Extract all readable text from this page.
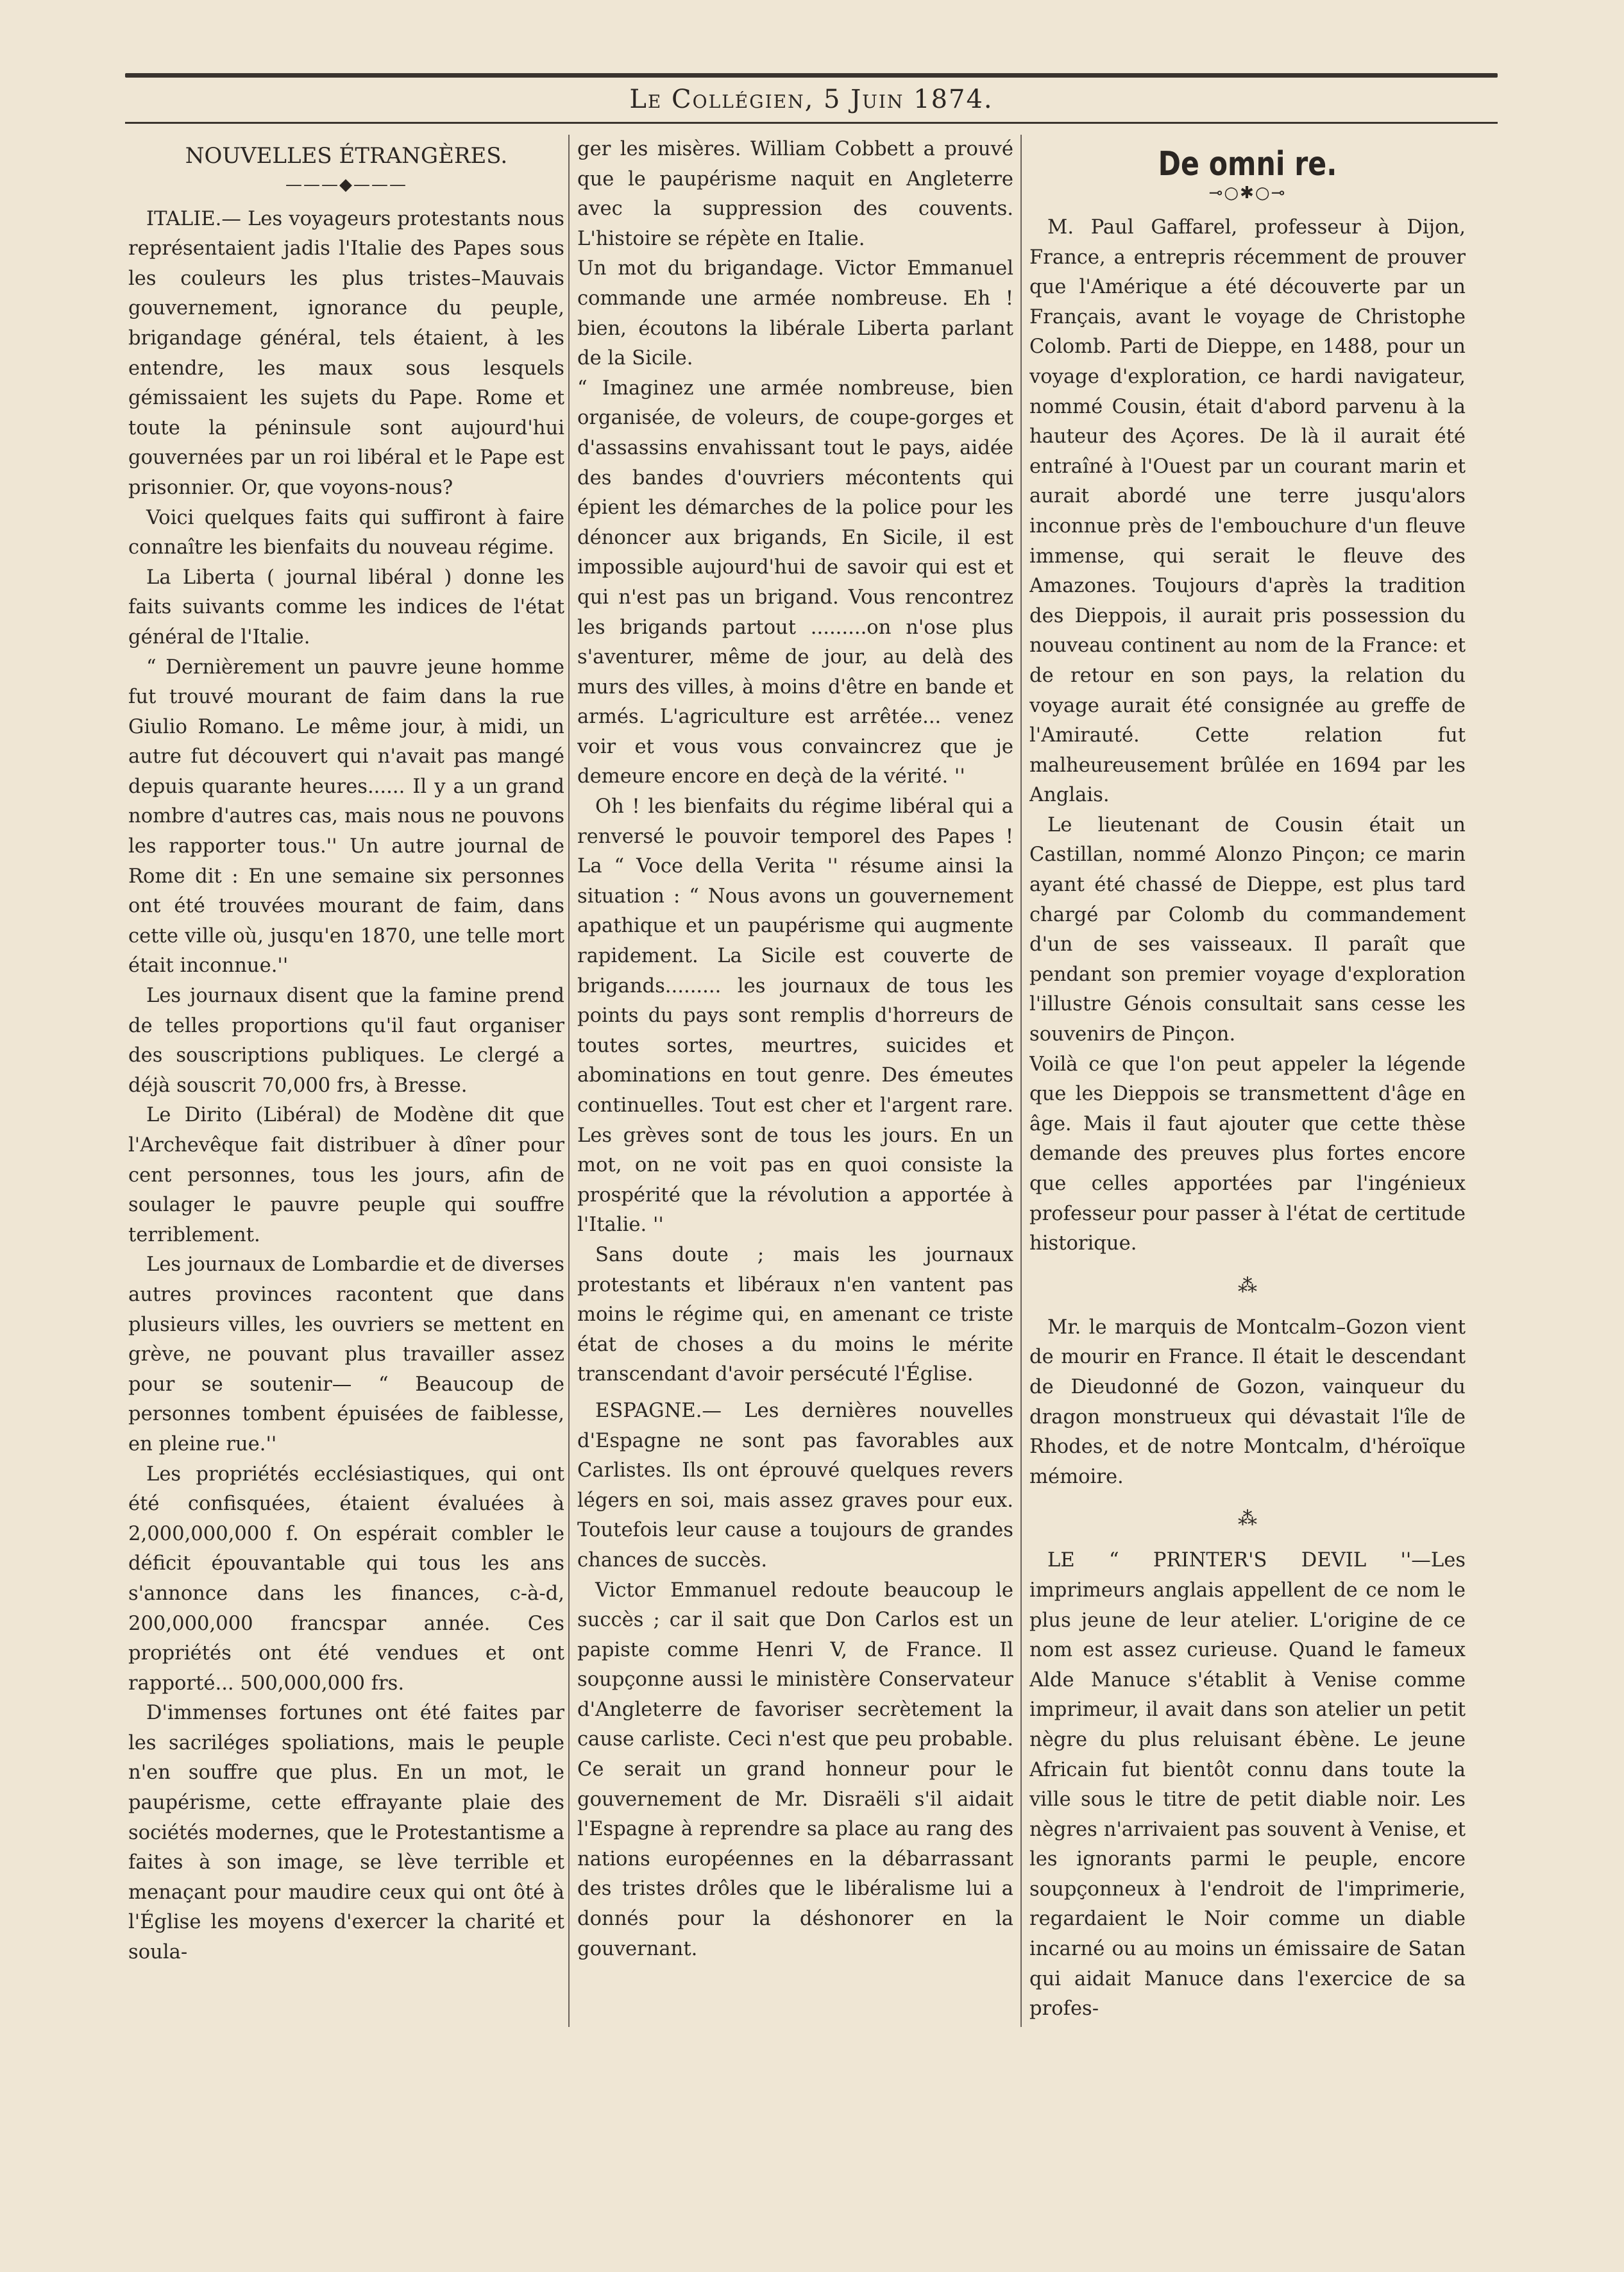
Le Collégien, 5 Juin 1874.
NOUVELLES ÉTRANGÈRES.
———◆———

ITALIE.— Les voyageurs protestants nous représentaient jadis l'Italie des Papes sous les couleurs les plus tristes–Mauvais gouvernement, ignorance du peuple, brigandage général, tels étaient, à les entendre, les maux sous lesquels gémissaient les sujets du Pape. Rome et toute la péninsule sont aujourd'hui gouvernées par un roi libéral et le Pape est prisonnier. Or, que voyons-nous?

Voici quelques faits qui suffiront à faire connaître les bienfaits du nouveau régime.

La Liberta ( journal libéral ) donne les faits suivants comme les indices de l'état général de l'Italie.

“ Dernièrement un pauvre jeune homme fut trouvé mourant de faim dans la rue Giulio Romano. Le même jour, à midi, un autre fut découvert qui n'avait pas mangé depuis quarante heures...... Il y a un grand nombre d'autres cas, mais nous ne pouvons les rapporter tous.'' Un autre journal de Rome dit : En une semaine six personnes ont été trouvées mourant de faim, dans cette ville où, jusqu'en 1870, une telle mort était inconnue.''

Les journaux disent que la famine prend de telles proportions qu'il faut organiser des souscriptions publiques. Le clergé a déjà souscrit 70,000 frs, à Bresse.

Le Dirito (Libéral) de Modène dit que l'Archevêque fait distribuer à dîner pour cent personnes, tous les jours, afin de soulager le pauvre peuple qui souffre terriblement.

Les journaux de Lombardie et de diverses autres provinces racontent que dans plusieurs villes, les ouvriers se mettent en grève, ne pouvant plus travailler assez pour se soutenir— “ Beaucoup de personnes tombent épuisées de faiblesse, en pleine rue.''

Les propriétés ecclésiastiques, qui ont été confisquées, étaient évaluées à 2,000,000,000 f. On espérait combler le déficit épouvantable qui tous les ans s'annonce dans les finances, c-à-d, 200,000,000 francspar année. Ces propriétés ont été vendues et ont rapporté... 500,000,000 frs.

D'immenses fortunes ont été faites par les sacriléges spoliations, mais le peuple n'en souffre que plus. En un mot, le paupérisme, cette effrayante plaie des sociétés modernes, que le Protestantisme a faites à son image, se lève terrible et menaçant pour maudire ceux qui ont ôté à l'Église les moyens d'exercer la charité et soula-

ger les misères. William Cobbett a prouvé que le paupérisme naquit en Angleterre avec la suppression des couvents. L'histoire se répète en Italie.

Un mot du brigandage. Victor Emmanuel commande une armée nombreuse. Eh ! bien, écoutons la libérale Liberta parlant de la Sicile.

“ Imaginez une armée nombreuse, bien organisée, de voleurs, de coupe-gorges et d'assassins envahissant tout le pays, aidée des bandes d'ouvriers mécontents qui épient les démarches de la police pour les dénoncer aux brigands, En Sicile, il est impossible aujourd'hui de savoir qui est et qui n'est pas un brigand. Vous rencontrez les brigands partout .........on n'ose plus s'aventurer, même de jour, au delà des murs des villes, à moins d'être en bande et armés. L'agriculture est arrêtée... venez voir et vous vous convaincrez que je demeure encore en deçà de la vérité. ''

Oh ! les bienfaits du régime libéral qui a renversé le pouvoir temporel des Papes ! La “ Voce della Verita '' résume ainsi la situation : “ Nous avons un gouvernement apathique et un paupérisme qui augmente rapidement. La Sicile est couverte de brigands......... les journaux de tous les points du pays sont remplis d'horreurs de toutes sortes, meurtres, suicides et abominations en tout genre. Des émeutes continuelles. Tout est cher et l'argent rare. Les grèves sont de tous les jours. En un mot, on ne voit pas en quoi consiste la prospérité que la révolution a apportée à l'Italie. ''

Sans doute ; mais les journaux protestants et libéraux n'en vantent pas moins le régime qui, en amenant ce triste état de choses a du moins le mérite transcendant d'avoir persécuté l'Église.

ESPAGNE.— Les dernières nouvelles d'Espagne ne sont pas favorables aux Carlistes. Ils ont éprouvé quelques revers légers en soi, mais assez graves pour eux. Toutefois leur cause a toujours de grandes chances de succès.

Victor Emmanuel redoute beaucoup le succès ; car il sait que Don Carlos est un papiste comme Henri V, de France. Il soupçonne aussi le ministère Conservateur d'Angleterre de favoriser secrètement la cause carliste. Ceci n'est que peu probable. Ce serait un grand honneur pour le gouvernement de Mr. Disraëli s'il aidait l'Espagne à reprendre sa place au rang des nations européennes en la débarrassant des tristes drôles que le libéralisme lui a donnés pour la déshonorer en la gouvernant.

De omni re.
⊸○✱○⊸

M. Paul Gaffarel, professeur à Dijon, France, a entrepris récemment de prouver que l'Amérique a été découverte par un Français, avant le voyage de Christophe Colomb. Parti de Dieppe, en 1488, pour un voyage d'exploration, ce hardi navigateur, nommé Cousin, était d'abord parvenu à la hauteur des Açores. De là il aurait été entraîné à l'Ouest par un courant marin et aurait abordé une terre jusqu'alors inconnue près de l'embouchure d'un fleuve immense, qui serait le fleuve des Amazones. Toujours d'après la tradition des Dieppois, il aurait pris possession du nouveau continent au nom de la France: et de retour en son pays, la relation du voyage aurait été consignée au greffe de l'Amirauté. Cette relation fut malheureusement brûlée en 1694 par les Anglais.

Le lieutenant de Cousin était un Castillan, nommé Alonzo Pinçon; ce marin ayant été chassé de Dieppe, est plus tard chargé par Colomb du commandement d'un de ses vaisseaux. Il paraît que pendant son premier voyage d'exploration l'illustre Génois consultait sans cesse les souvenirs de Pinçon.

Voilà ce que l'on peut appeler la légende que les Dieppois se transmettent d'âge en âge. Mais il faut ajouter que cette thèse demande des preuves plus fortes encore que celles apportées par l'ingénieux professeur pour passer à l'état de certitude historique.

⁂

Mr. le marquis de Montcalm–Gozon vient de mourir en France. Il était le descendant de Dieudonné de Gozon, vainqueur du dragon monstrueux qui dévastait l'île de Rhodes, et de notre Montcalm, d'héroïque mémoire.

⁂

LE “ PRINTER'S DEVIL ''—Les imprimeurs anglais appellent de ce nom le plus jeune de leur atelier. L'origine de ce nom est assez curieuse. Quand le fameux Alde Manuce s'établit à Venise comme imprimeur, il avait dans son atelier un petit nègre du plus reluisant ébène. Le jeune Africain fut bientôt connu dans toute la ville sous le titre de petit diable noir. Les nègres n'arrivaient pas souvent à Venise, et les ignorants parmi le peuple, encore soupçonneux à l'endroit de l'imprimerie, regardaient le Noir comme un diable incarné ou au moins un émissaire de Satan qui aidait Manuce dans l'exercice de sa profes-
